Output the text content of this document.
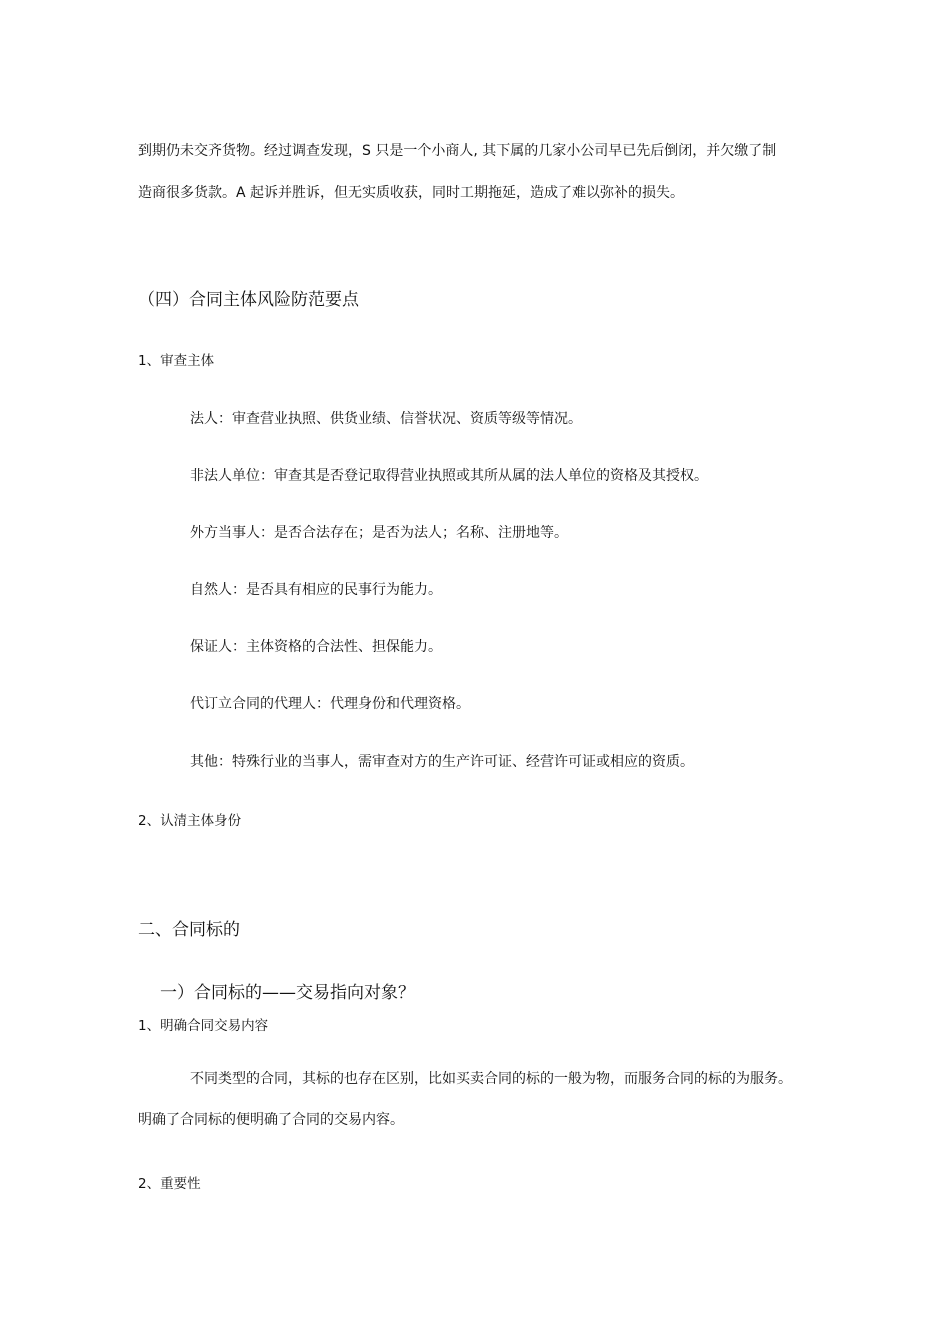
到期仍未交齐货物。经过调查发现，S 只是一个小商人, 其下属的几家小公司早已先后倒闭，并欠缴了制
造商很多货款。A 起诉并胜诉，但无实质收获，同时工期拖延，造成了难以弥补的损失。
（四）合同主体风险防范要点
1、审查主体
法人：审查营业执照、供货业绩、信誉状况、资质等级等情况。
非法人单位：审查其是否登记取得营业执照或其所从属的法人单位的资格及其授权。
外方当事人：是否合法存在；是否为法人；名称、注册地等。
自然人：是否具有相应的民事行为能力。
保证人：主体资格的合法性、担保能力。
代订立合同的代理人：代理身份和代理资格。
其他：特殊行业的当事人，需审查对方的生产许可证、经营许可证或相应的资质。
2、认清主体身份
二、合同标的
一）合同标的——交易指向对象？
1、明确合同交易内容
不同类型的合同，其标的也存在区别，比如买卖合同的标的一般为物，而服务合同的标的为服务。
明确了合同标的便明确了合同的交易内容。
2、重要性
